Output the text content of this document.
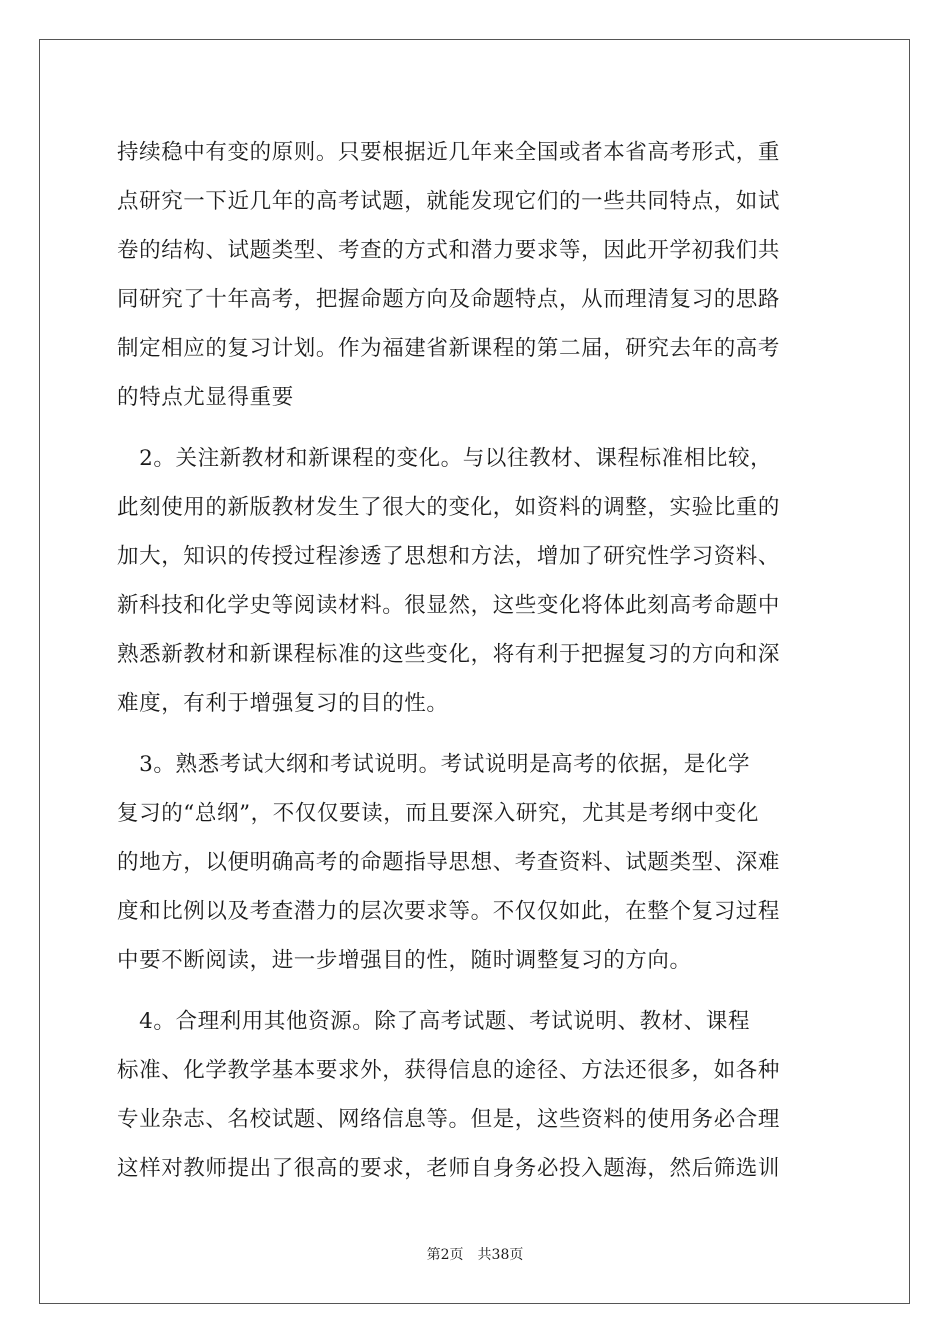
持续稳中有变的原则。只要根据近几年来全国或者本省高考形式，重
点研究一下近几年的高考试题，就能发现它们的一些共同特点，如试
卷的结构、试题类型、考查的方式和潜力要求等，因此开学初我们共
同研究了十年高考，把握命题方向及命题特点，从而理清复习的思路
制定相应的复习计划。作为福建省新课程的第二届，研究去年的高考
的特点尤显得重要
　2。关注新教材和新课程的变化。与以往教材、课程标准相比较，
此刻使用的新版教材发生了很大的变化，如资料的调整，实验比重的
加大，知识的传授过程渗透了思想和方法，增加了研究性学习资料、
新科技和化学史等阅读材料。很显然，这些变化将体此刻高考命题中
熟悉新教材和新课程标准的这些变化，将有利于把握复习的方向和深
难度，有利于增强复习的目的性。
　3。熟悉考试大纲和考试说明。考试说明是高考的依据，是化学
复习的“总纲”，不仅仅要读，而且要深入研究，尤其是考纲中变化
的地方，以便明确高考的命题指导思想、考查资料、试题类型、深难
度和比例以及考查潜力的层次要求等。不仅仅如此，在整个复习过程
中要不断阅读，进一步增强目的性，随时调整复习的方向。
　4。合理利用其他资源。除了高考试题、考试说明、教材、课程
标准、化学教学基本要求外，获得信息的途径、方法还很多，如各种
专业杂志、名校试题、网络信息等。但是，这些资料的使用务必合理
这样对教师提出了很高的要求，老师自身务必投入题海，然后筛选训
第2页　共38页
